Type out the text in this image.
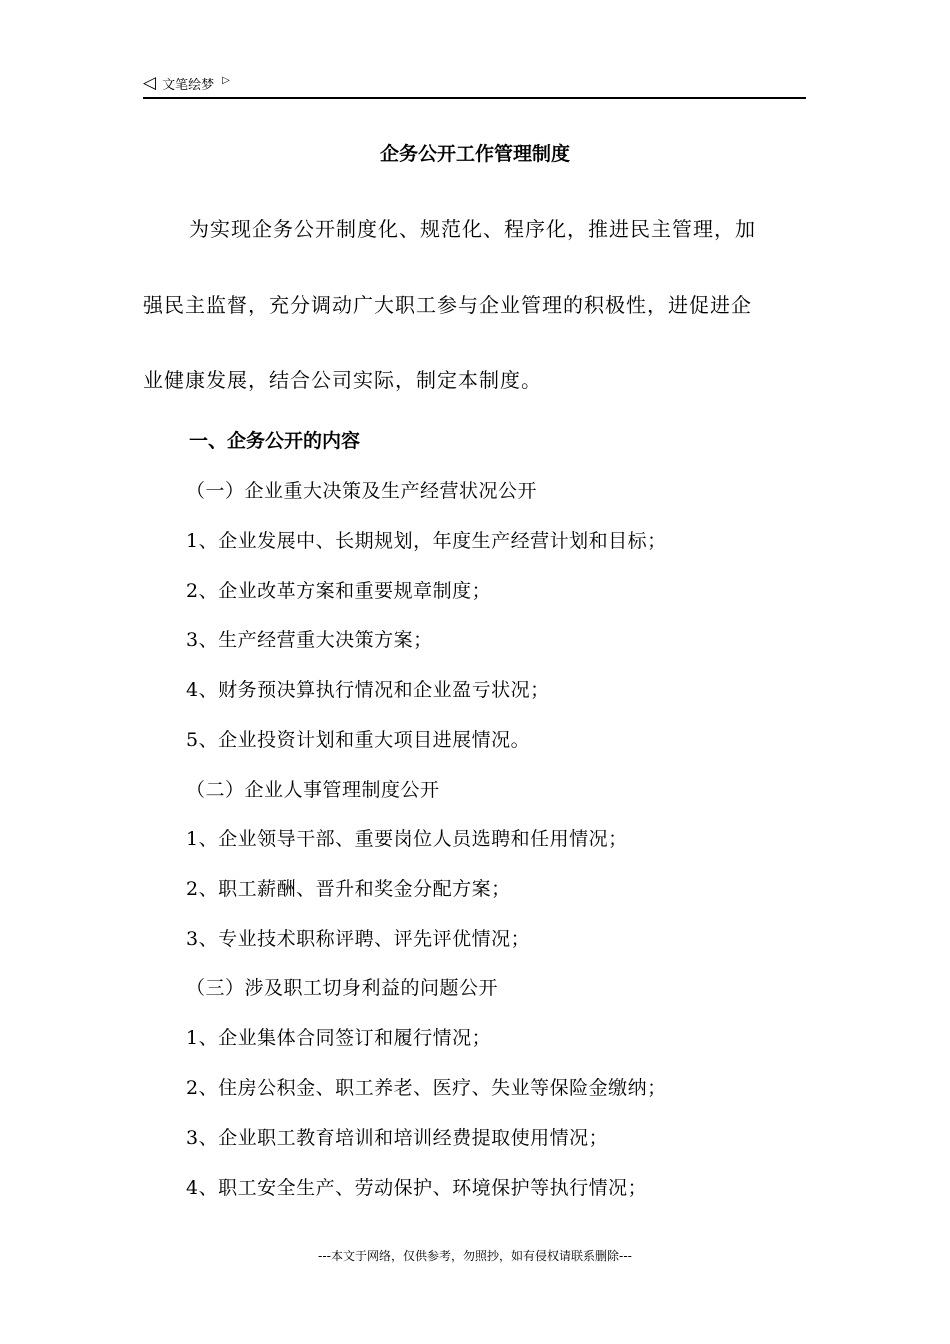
◁ 文笔绘梦 ▷
企务公开工作管理制度
为实现企务公开制度化、规范化、程序化，推进民主管理，加
强民主监督，充分调动广大职工参与企业管理的积极性，进促进企
业健康发展，结合公司实际，制定本制度。
一、企务公开的内容
（一）企业重大决策及生产经营状况公开
1、企业发展中、长期规划，年度生产经营计划和目标；
2、企业改革方案和重要规章制度；
3、生产经营重大决策方案；
4、财务预决算执行情况和企业盈亏状况；
5、企业投资计划和重大项目进展情况。
（二）企业人事管理制度公开
1、企业领导干部、重要岗位人员选聘和任用情况；
2、职工薪酬、晋升和奖金分配方案；
3、专业技术职称评聘、评先评优情况；
（三）涉及职工切身利益的问题公开
1、企业集体合同签订和履行情况；
2、住房公积金、职工养老、医疗、失业等保险金缴纳；
3、企业职工教育培训和培训经费提取使用情况；
4、职工安全生产、劳动保护、环境保护等执行情况；
---本文于网络，仅供参考，勿照抄，如有侵权请联系删除---
